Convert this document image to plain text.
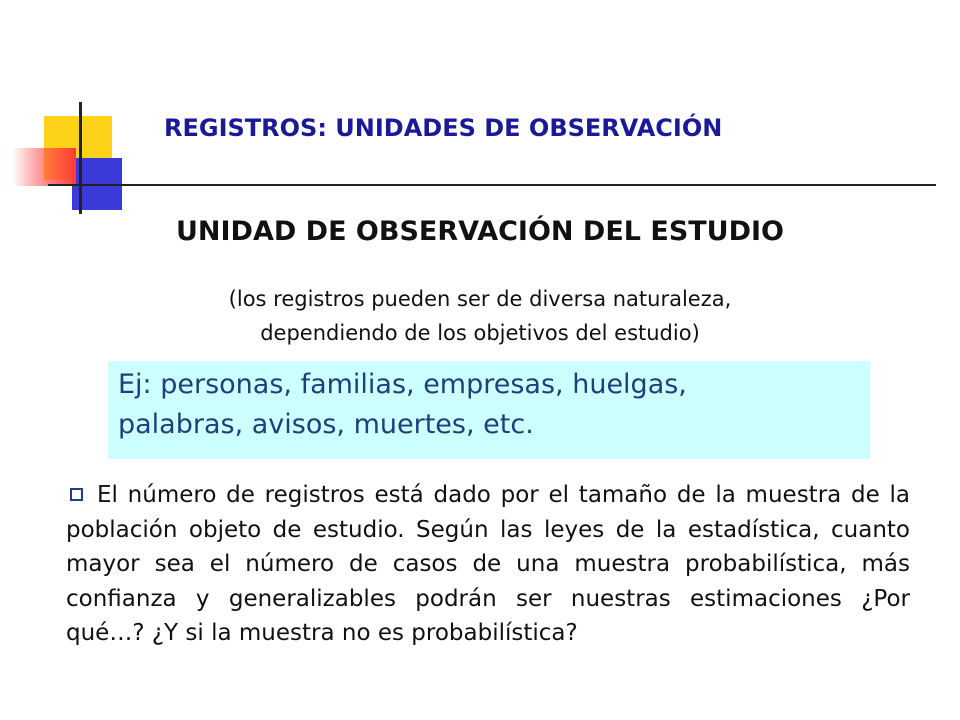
REGISTROS: UNIDADES DE OBSERVACIÓN
UNIDAD DE OBSERVACIÓN DEL ESTUDIO
(los registros pueden ser de diversa naturaleza,
dependiendo de los objetivos del estudio)
Ej: personas, familias, empresas, huelgas,
palabras, avisos, muertes, etc.
El número de registros está dado por el tamaño de la muestra de la población objeto de estudio. Según las leyes de la estadística, cuanto mayor sea el número de casos de una muestra probabilística, más confianza y generalizables podrán ser nuestras estimaciones ¿Por qué…? ¿Y si la muestra no es probabilística?
